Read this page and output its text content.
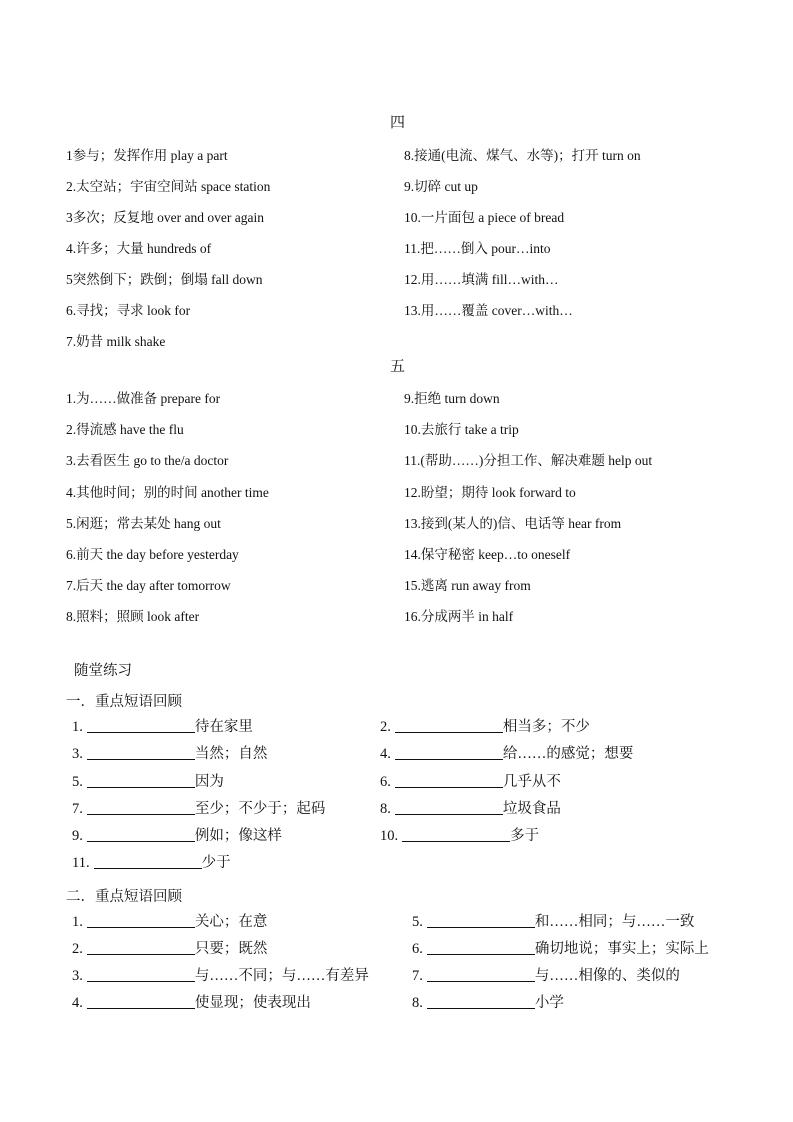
四
1参与；发挥作用 play a part
2.太空站；宇宙空间站 space station
3多次；反复地 over and over again
4.许多；大量 hundreds of
5突然倒下；跌倒；倒塌 fall down
6.寻找；寻求 look for
7.奶昔 milk shake
8.接通(电流、煤气、水等)；打开 turn on
9.切碎 cut up
10.一片面包 a piece of bread
11.把……倒入 pour…into
12.用……填满 fill…with…
13.用……覆盖 cover…with…
五
1.为……做准备 prepare for
2.得流感 have the flu
3.去看医生 go to the/a doctor
4.其他时间；别的时间 another time
5.闲逛；常去某处 hang out
6.前天 the day before yesterday
7.后天 the day after tomorrow
8.照料；照顾 look after
9.拒绝 turn down
10.去旅行 take a trip
11.(帮助……)分担工作、解决难题 help out
12.盼望；期待 look forward to
13.接到(某人的)信、电话等 hear from
14.保守秘密 keep…to oneself
15.逃离 run away from
16.分成两半 in half
随堂练习
一．重点短语回顾
1.	待在家里	2.	相当多；不少
3.	当然；自然	4.	给……的感觉；想要
5.	因为	6.	几乎从不
7.	至少；不少于；起码	8.	垃圾食品
9.	例如；像这样	10.	多于
11.	少于
二．重点短语回顾
1.	关心；在意	5.	和……相同；与……一致
2.	只要；既然	6.	确切地说；事实上；实际上
3.	与……不同；与……有差异	7.	与……相像的、类似的
4.	使显现；使表现出	8.	小学
